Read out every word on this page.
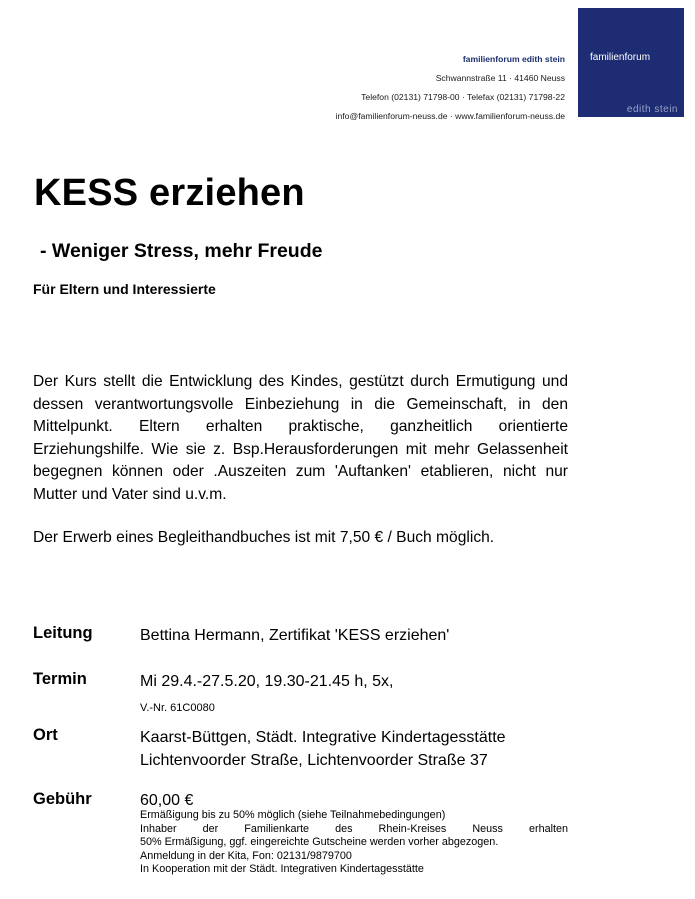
familienforum edith stein
Schwannstraße 11 · 41460 Neuss
Telefon (02131) 71798-00 · Telefax (02131) 71798-22
info@familienforum-neuss.de · www.familienforum-neuss.de
familienforum
edith stein
KESS erziehen
- Weniger Stress, mehr Freude
Für Eltern und Interessierte

Der Kurs stellt die Entwicklung des Kindes, gestützt durch Ermutigung und dessen verantwortungsvolle Einbeziehung in die Gemeinschaft, in den Mittelpunkt. Eltern erhalten praktische, ganzheitlich orientierte Erziehungshilfe. Wie sie z. Bsp.Herausforderungen mit mehr Gelassenheit begegnen können oder .Auszeiten zum 'Auftanken' etablieren, nicht nur Mutter und Vater sind u.v.m.

Der Erwerb eines Begleithandbuches ist mit 7,50 € / Buch möglich.

Leitung	Bettina Hermann, Zertifikat 'KESS erziehen'
Termin	Mi 29.4.-27.5.20, 19.30-21.45 h, 5x,
V.-Nr. 61C0080
Ort	Kaarst-Büttgen, Städt. Integrative Kindertagesstätte
Lichtenvoorder Straße, Lichtenvoorder Straße 37
Gebühr	60,00 €
Ermäßigung bis zu 50% möglich (siehe Teilnahmebedingungen)
Inhaber der Familienkarte des Rhein-Kreises Neuss erhalten
50% Ermäßigung, ggf. eingereichte Gutscheine werden vorher abgezogen.
Anmeldung in der Kita, Fon: 02131/9879700
In Kooperation mit der Städt. Integrativen Kindertagesstätte
